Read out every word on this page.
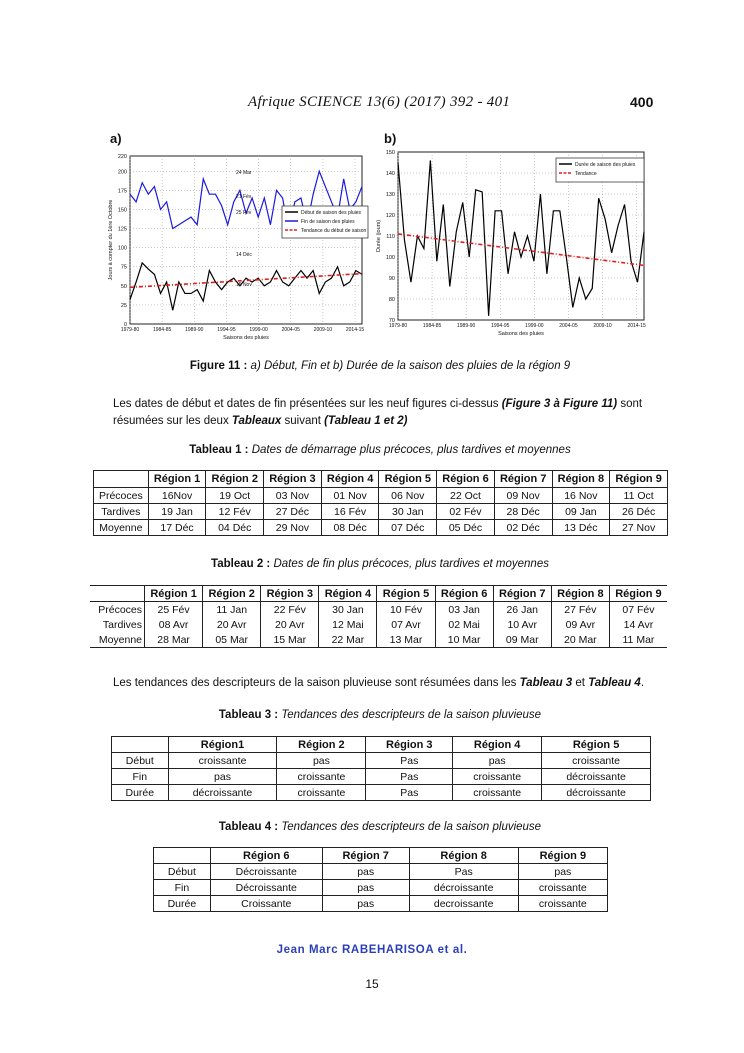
Afrique SCIENCE 13(6) (2017) 392 - 401	400
a)	b)
0
25
50
75
100
125
150
175
200
220
1979-80	1984-85	1989-90	1994-95	1999-00	2004-05	2009-10	2014-15
Saisons des pluies
Jours à compter du 1ère Octobre	Début de saison des pluies
Fin de saison des pluies
Tendance du début de saison
24 Mar
21 Fév
25 Fév
14 Déc
15 Nov
70
80
90
100
110
120
130
140
150
1979-80	1984-85	1989-90	1994-95	1999-00	2004-05	2009-10	2014-15
Saisons des pluies
Durée (jours)
Durée de saison des pluies
Tendance
Figure 11 : a) Début, Fin et b) Durée de la saison des pluies de la région 9
Les dates de début et dates de fin présentées sur les neuf figures ci-dessus (Figure 3 à Figure 11) sont résumées sur les deux Tableaux suivant (Tableau 1 et 2)
Tableau 1 : Dates de démarrage plus précoces, plus tardives et moyennes
	Région 1	Région 2	Région 3	Région 4	Région 5	Région 6	Région 7	Région 8	Région 9
Précoces	16Nov	19 Oct	03 Nov	01 Nov	06 Nov	22 Oct	09 Nov	16 Nov	11 Oct
Tardives	19 Jan	12 Fév	27 Déc	16 Fév	30 Jan	02 Fév	28 Déc	09 Jan	26 Déc
Moyenne	17 Déc	04 Déc	29 Nov	08 Déc	07 Déc	05 Déc	02 Déc	13 Déc	27 Nov
Tableau 2 : Dates de fin plus précoces, plus tardives et moyennes
	Région 1	Région 2	Région 3	Région 4	Région 5	Région 6	Région 7	Région 8	Région 9
Précoces	25 Fév	11 Jan	22 Fév	30 Jan	10 Fév	03 Jan	26 Jan	27 Fév	07 Fév
Tardives	08 Avr	20 Avr	20 Avr	12 Mai	07 Avr	02 Mai	10 Avr	09 Avr	14 Avr
Moyenne	28 Mar	05 Mar	15 Mar	22 Mar	13 Mar	10 Mar	09 Mar	20 Mar	11 Mar
Les tendances des descripteurs de la saison pluvieuse sont résumées dans les Tableau 3 et Tableau 4.
Tableau 3 : Tendances des descripteurs de la saison pluvieuse
	Région1	Région 2	Région 3	Région 4	Région 5
Début	croissante	pas	Pas	pas	croissante
Fin	pas	croissante	Pas	croissante	décroissante
Durée	décroissante	croissante	Pas	croissante	décroissante
Tableau 4 : Tendances des descripteurs de la saison pluvieuse
	Région 6	Région 7	Région 8	Région 9
Début	Décroissante	pas	Pas	pas
Fin	Décroissante	pas	décroissante	croissante
Durée	Croissante	pas	decroissante	croissante
Jean Marc RABEHARISOA et al.
15
